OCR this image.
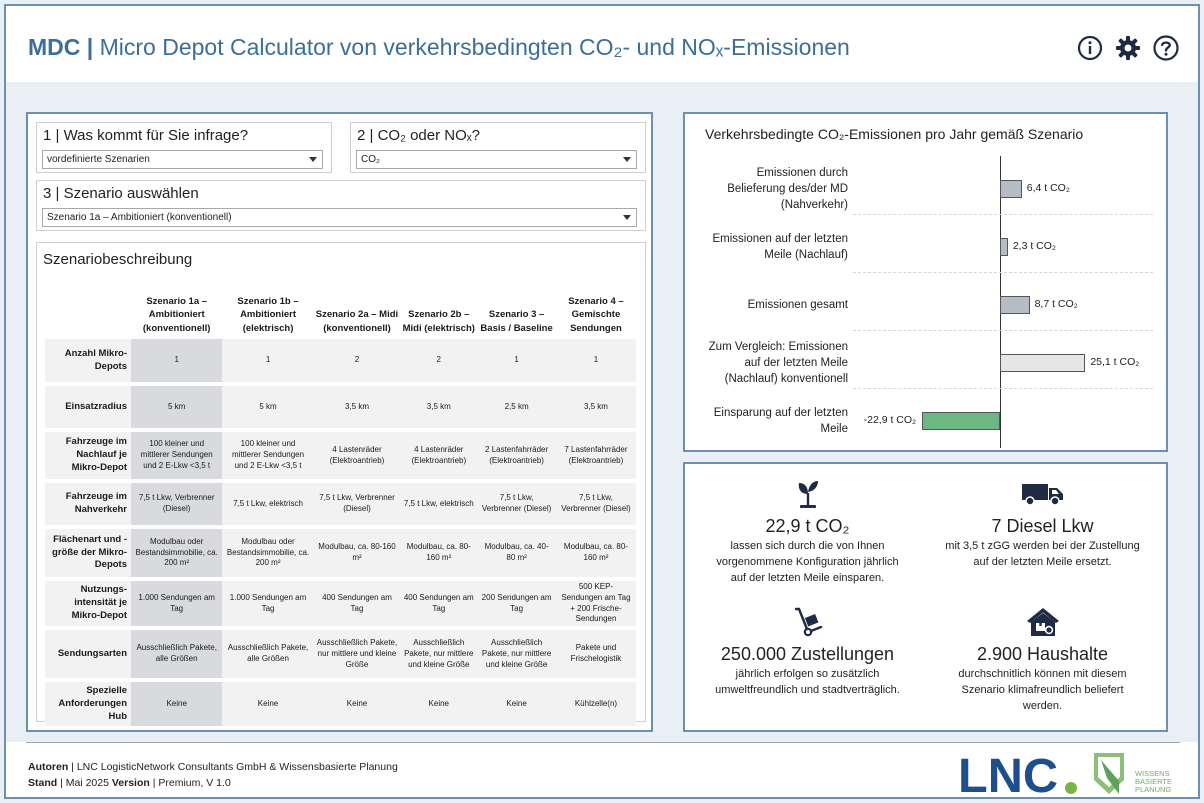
MDC | Micro Depot Calculator von verkehrsbedingten CO₂- und NOₓ-Emissionen
1 | Was kommt für Sie infrage?
vordefinierte Szenarien
2 | CO₂ oder NOₓ?
CO₂
3 | Szenario auswählen
Szenario 1a – Ambitioniert (konventionell)
Szenariobeschreibung
	Szenario 1a – Ambitioniert (konventionell)	Szenario 1b – Ambitioniert (elektrisch)	Szenario 2a – Midi (konventionell)	Szenario 2b – Midi (elektrisch)	Szenario 3 – Basis / Baseline	Szenario 4 – Gemischte Sendungen
Anzahl Mikro-Depots	1	1	2	2	1	1
Einsatzradius	5 km	5 km	3,5 km	3,5 km	2,5 km	3,5 km
Fahrzeuge im Nachlauf je Mikro-Depot	100 kleiner und mittlerer Sendungen und 2 E-Lkw <3,5 t	100 kleiner und mittlerer Sendungen und 2 E-Lkw <3,5 t	4 Lastenräder (Elektroantrieb)	4 Lastenräder (Elektroantrieb)	2 Lastenfahrräder (Elektroantrieb)	7 Lastenfahrräder (Elektroantrieb)
Fahrzeuge im Nahverkehr	7,5 t Lkw, Verbrenner (Diesel)	7,5 t Lkw, elektrisch	7,5 t Lkw, Verbrenner (Diesel)	7,5 t Lkw, elektrisch	7,5 t Lkw, Verbrenner (Diesel)	7,5 t Lkw, Verbrenner (Diesel)
Flächenart und -größe der Mikro-Depots	Modulbau oder Bestandsimmobilie, ca. 200 m²	Modulbau oder Bestandsimmobilie, ca. 200 m²	Modulbau, ca. 80-160 m²	Modulbau, ca. 80-160 m²	Modulbau, ca. 40-80 m²	Modulbau, ca. 80-160 m²
Nutzungs-intensität je Mikro-Depot	1.000 Sendungen am Tag	1.000 Sendungen am Tag	400 Sendungen am Tag	400 Sendungen am Tag	200 Sendungen am Tag	500 KEP-Sendungen am Tag + 200 Frische-Sendungen
Sendungsarten	Ausschließlich Pakete, alle Größen	Ausschließlich Pakete, alle Größen	Ausschließlich Pakete, nur mittlere und kleine Größe	Ausschließlich Pakete, nur mittlere und kleine Größe	Ausschließlich Pakete, nur mittlere und kleine Größe	Pakete und Frischelogistik
Spezielle Anforderungen Hub	Keine	Keine	Keine	Keine	Keine	Kühlzelle(n)
Verkehrsbedingte CO₂-Emissionen pro Jahr gemäß Szenario
Emissionen durch
Belieferung des/der MD
(Nahverkehr)
6,4 t CO₂
Emissionen auf der letzten
Meile (Nachlauf)
2,3 t CO₂
Emissionen gesamt	8,7 t CO₂
Zum Vergleich: Emissionen
auf der letzten Meile
(Nachlauf) konventionell
25,1 t CO₂
Einsparung auf der letzten
Meile
-22,9 t CO₂
22,9 t CO₂
lassen sich durch die von Ihnen
vorgenommene Konfiguration jährlich
auf der letzten Meile einsparen.
7 Diesel Lkw
mit 3,5 t zGG werden bei der Zustellung
auf der letzten Meile ersetzt.
250.000 Zustellungen
jährlich erfolgen so zusätzlich
umweltfreundlich und stadtverträglich.
2.900 Haushalte
durchschnitlich können mit diesem
Szenario klimafreundlich beliefert
werden.
Autoren | LNC LogisticNetwork Consultants GmbH & Wissensbasierte Planung
Stand | Mai 2025 Version | Premium, V 1.0	LNC	WISSENS
BASIERTE
PLANUNG
